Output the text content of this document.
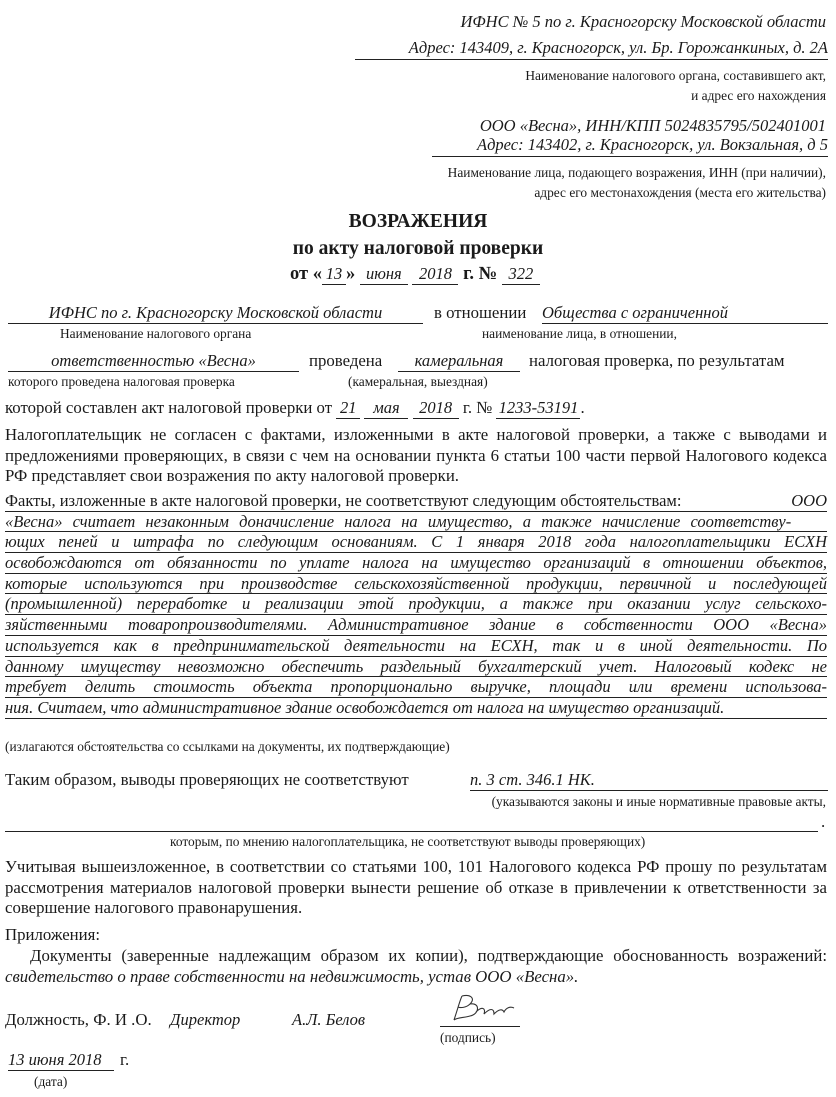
ИФНС № 5 по г. Красногорску Московской области
Адрес: 143409, г. Красногорск, ул. Бр. Горожанкиных, д. 2А
Наименование налогового органа, составившего акт,
и адрес его нахождения
ООО «Весна», ИНН/КПП 5024835795/502401001
Адрес: 143402, г. Красногорск, ул. Вокзальная, д 5
Наименование лица, подающего возражения, ИНН (при наличии),
адрес его местонахождения (места его жительства)
ВОЗРАЖЕНИЯ
по акту налоговой проверки
от « 13 » июня 2018 г. № 322
ИФНС по г. Красногорску Московской области	в отношении Общества с ограниченной
Наименование налогового органа	наименование лица, в отношении,
ответственностью «Весна»	проведена	камеральная	налоговая проверка, по результатам
которого проведена налоговая проверка	(камеральная, выездная)
которой составлен акт налоговой проверки от 21 мая 2018 г. № 1233-53191 .
Налогоплательщик не согласен с фактами, изложенными в акте налоговой проверки, а также с выводами и предложениями проверяющих, в связи с чем на основании пункта 6 статьи 100 части первой Налогового кодекса РФ представляет свои возражения по акту налоговой проверки.
Факты, изложенные в акте налоговой проверки, не соответствуют следующим обстоятельствам:	ООО
«Весна» считает незаконным доначисление налога на имущество, а также начисление соответству-
ющих пеней и штрафа по следующим основаниям. С 1 января 2018 года налогоплательщики ЕСХН
освобождаются от обязанности по уплате налога на имущество организаций в отношении объектов,
которые используются при производстве сельскохозяйственной продукции, первичной и последующей
(промышленной) переработке и реализации этой продукции, а также при оказании услуг сельскохо-
зяйственными товаропроизводителями. Административное здание в собственности ООО «Весна»
используется как в предпринимательской деятельности на ЕСХН, так и в иной деятельности. По
данному имуществу невозможно обеспечить раздельный бухгалтерский учет. Налоговый кодекс не
требует делить стоимость объекта пропорционально выручке, площади или времени использова-
ния. Считаем, что административное здание освобождается от налога на имущество организаций.
(излагаются обстоятельства со ссылками на документы, их подтверждающие)
Таким образом, выводы проверяющих не соответствуют	п. 3 ст. 346.1 НК.
(указываются законы и иные нормативные правовые акты,
.
которым, по мнению налогоплательщика, не соответствуют выводы проверяющих)
Учитывая вышеизложенное, в соответствии со статьями 100, 101 Налогового кодекса РФ прошу по результатам рассмотрения материалов налоговой проверки вынести решение об отказе в привлечении к ответственности за совершение налогового правонарушения.
Приложения:
Документы (заверенные надлежащим образом их копии), подтверждающие обоснованность возражений: свидетельство о праве собственности на недвижимость, устав ООО «Весна».
Должность, Ф. И .О. Директор	А.Л. Белов
(подпись)
13 июня 2018	г.
(дата)
